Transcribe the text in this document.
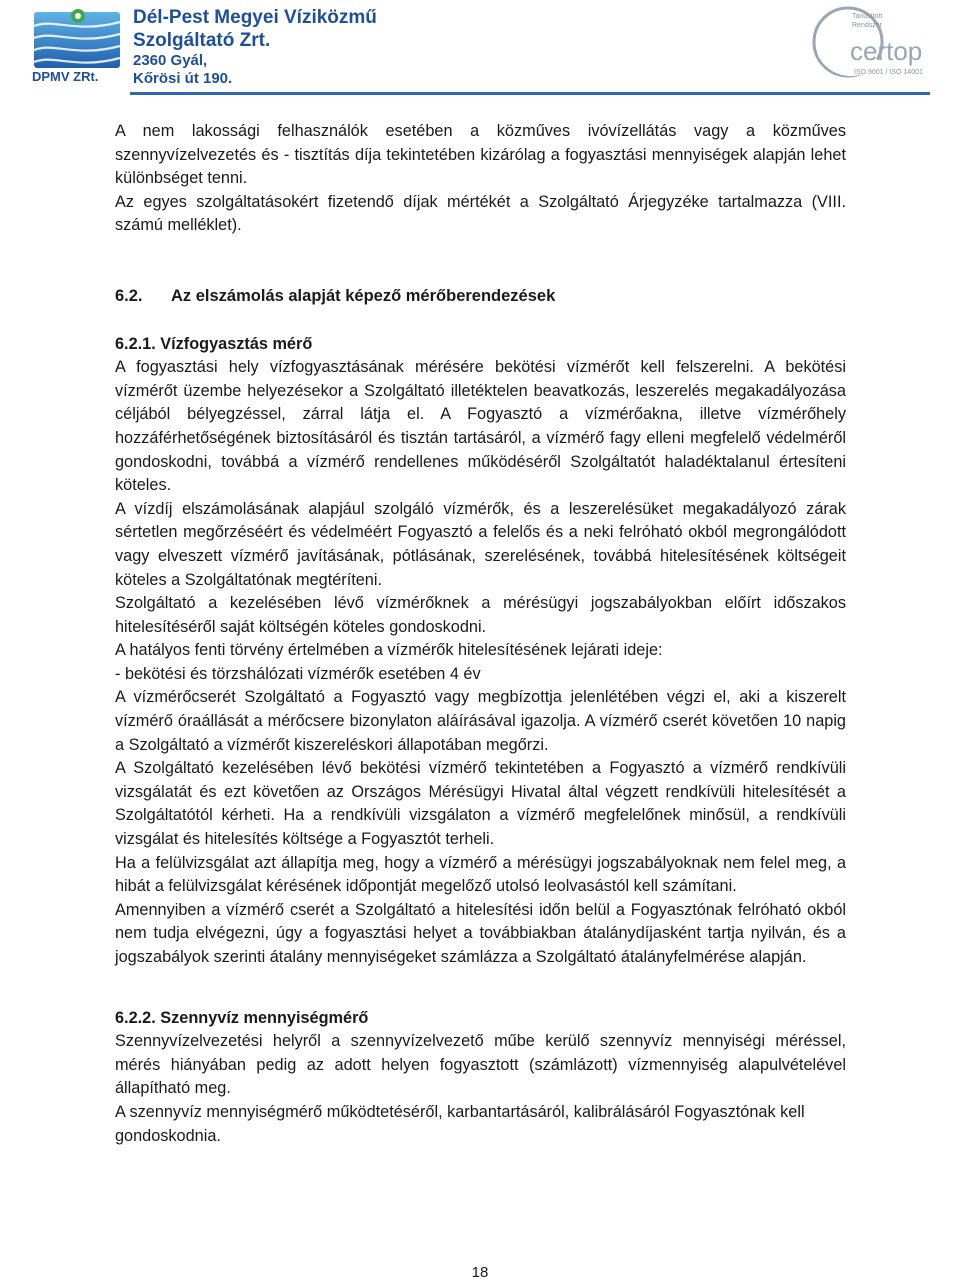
DPMV ZRt.
Dél-Pest Megyei Víziközmű
Szolgáltató Zrt.
2360 Gyál,
Kőrösi út 190.
Tanúsított
Rendszer
certop
ISO 9001 / ISO 14001

A nem lakossági felhasználók esetében a közműves ivóvízellátás vagy a közműves szennyvízelvezetés és - tisztítás díja tekintetében kizárólag a fogyasztási mennyiségek alapján lehet különbséget tenni.

Az egyes szolgáltatásokért fizetendő díjak mértékét a Szolgáltató Árjegyzéke tartalmazza (VIII. számú melléklet).

6.2. Az elszámolás alapját képező mérőberendezések

6.2.1. Vízfogyasztás mérő

A fogyasztási hely vízfogyasztásának mérésére bekötési vízmérőt kell felszerelni. A bekötési vízmérőt üzembe helyezésekor a Szolgáltató illetéktelen beavatkozás, leszerelés megakadályozása céljából bélyegzéssel, zárral látja el. A Fogyasztó a vízmérőakna, illetve vízmérőhely hozzáférhetőségének biztosításáról és tisztán tartásáról, a vízmérő fagy elleni megfelelő védelméről gondoskodni, továbbá a vízmérő rendellenes működéséről Szolgáltatót haladéktalanul értesíteni köteles.

A vízdíj elszámolásának alapjául szolgáló vízmérők, és a leszerelésüket megakadályozó zárak sértetlen megőrzéséért és védelméért Fogyasztó a felelős és a neki felróható okból megrongálódott vagy elveszett vízmérő javításának, pótlásának, szerelésének, továbbá hitelesítésének költségeit köteles a Szolgáltatónak megtéríteni.

Szolgáltató a kezelésében lévő vízmérőknek a mérésügyi jogszabályokban előírt időszakos hitelesítéséről saját költségén köteles gondoskodni.

A hatályos fenti törvény értelmében a vízmérők hitelesítésének lejárati ideje:

- bekötési és törzshálózati vízmérők esetében 4 év

A vízmérőcserét Szolgáltató a Fogyasztó vagy megbízottja jelenlétében végzi el, aki a kiszerelt vízmérő óraállását a mérőcsere bizonylaton aláírásával igazolja. A vízmérő cserét követően 10 napig a Szolgáltató a vízmérőt kiszereléskori állapotában megőrzi.

A Szolgáltató kezelésében lévő bekötési vízmérő tekintetében a Fogyasztó a vízmérő rendkívüli vizsgálatát és ezt követően az Országos Mérésügyi Hivatal által végzett rendkívüli hitelesítését a Szolgáltatótól kérheti. Ha a rendkívüli vizsgálaton a vízmérő megfelelőnek minősül, a rendkívüli vizsgálat és hitelesítés költsége a Fogyasztót terheli.

Ha a felülvizsgálat azt állapítja meg, hogy a vízmérő a mérésügyi jogszabályoknak nem felel meg, a hibát a felülvizsgálat kérésének időpontját megelőző utolsó leolvasástól kell számítani.

Amennyiben a vízmérő cserét a Szolgáltató a hitelesítési időn belül a Fogyasztónak felróható okból nem tudja elvégezni, úgy a fogyasztási helyet a továbbiakban átalánydíjasként tartja nyilván, és a jogszabályok szerinti átalány mennyiségeket számlázza a Szolgáltató átalányfelmérése alapján.

6.2.2. Szennyvíz mennyiségmérő

Szennyvízelvezetési helyről a szennyvízelvezető műbe kerülő szennyvíz mennyiségi méréssel, mérés hiányában pedig az adott helyen fogyasztott (számlázott) vízmennyiség alapulvételével állapítható meg.

A szennyvíz mennyiségmérő működtetéséről, karbantartásáról, kalibrálásáról Fogyasztónak kell gondoskodnia.

18
